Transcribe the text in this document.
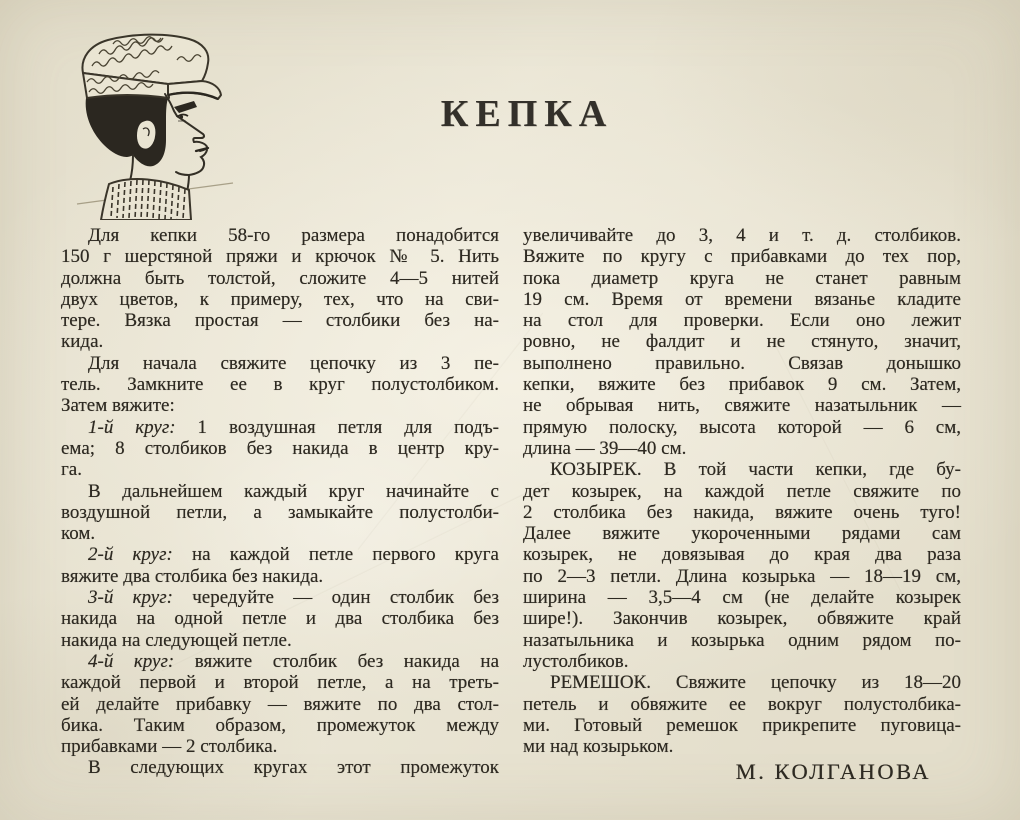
КЕПКА
Для кепки 58-го размера понадобится
150 г шерстяной пряжи и крючок № 5. Нить
должна быть толстой, сложите 4—5 нитей
двух цветов, к примеру, тех, что на сви-
тере. Вязка простая — столбики без на-
кида.
Для начала свяжите цепочку из 3 пе-
тель. Замкните ее в круг полустолбиком.
Затем вяжите:
1-й круг: 1 воздушная петля для подъ-
ема; 8 столбиков без накида в центр кру-
га.
В дальнейшем каждый круг начинайте с
воздушной петли, а замыкайте полустолби-
ком.
2-й круг: на каждой петле первого круга
вяжите два столбика без накида.
3-й круг: чередуйте — один столбик без
накида на одной петле и два столбика без
накида на следующей петле.
4-й круг: вяжите столбик без накида на
каждой первой и второй петле, а на треть-
ей делайте прибавку — вяжите по два стол-
бика. Таким образом, промежуток между
прибавками — 2 столбика.
В следующих кругах этот промежуток
увеличивайте до 3, 4 и т. д. столбиков.
Вяжите по кругу с прибавками до тех пор,
пока диаметр круга не станет равным
19 см. Время от времени вязанье кладите
на стол для проверки. Если оно лежит
ровно, не фалдит и не стянуто, значит,
выполнено правильно. Связав донышко
кепки, вяжите без прибавок 9 см. Затем,
не обрывая нить, свяжите назатыльник —
прямую полоску, высота которой — 6 см,
длина — 39—40 см.
КОЗЫРЕК. В той части кепки, где бу-
дет козырек, на каждой петле свяжите по
2 столбика без накида, вяжите очень туго!
Далее вяжите укороченными рядами сам
козырек, не довязывая до края два раза
по 2—3 петли. Длина козырька — 18—19 см,
ширина — 3,5—4 см (не делайте козырек
шире!). Закончив козырек, обвяжите край
назатыльника и козырька одним рядом по-
лустолбиков.
РЕМЕШОК. Свяжите цепочку из 18—20
петель и обвяжите ее вокруг полустолбика-
ми. Готовый ремешок прикрепите пуговица-
ми над козырьком.
М. КОЛГАНОВА
